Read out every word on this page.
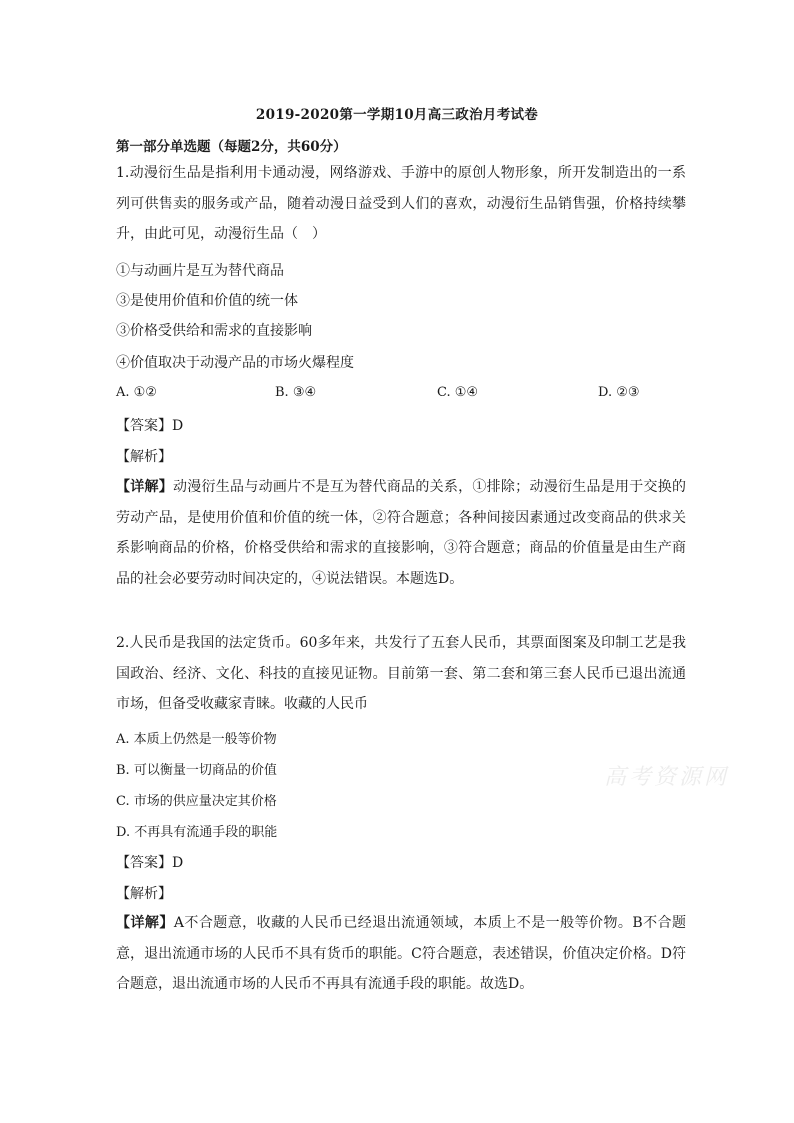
2019-2020第一学期10月高三政治月考试卷
第一部分单选题（每题2分，共60分）
1.动漫衍生品是指利用卡通动漫，网络游戏、手游中的原创人物形象，所开发制造出的一系列可供售卖的服务或产品，随着动漫日益受到人们的喜欢，动漫衍生品销售强，价格持续攀升，由此可见，动漫衍生品（　）
①与动画片是互为替代商品
③是使用价值和价值的统一体
③价格受供给和需求的直接影响
④价值取决于动漫产品的市场火爆程度
A. ①②	B. ③④	C. ①④	D. ②③
【答案】D
【解析】
【详解】动漫衍生品与动画片不是互为替代商品的关系，①排除；动漫衍生品是用于交换的劳动产品，是使用价值和价值的统一体，②符合题意；各种间接因素通过改变商品的供求关系影响商品的价格，价格受供给和需求的直接影响，③符合题意；商品的价值量是由生产商品的社会必要劳动时间决定的，④说法错误。本题选D。
2.人民币是我国的法定货币。60多年来，共发行了五套人民币，其票面图案及印制工艺是我国政治、经济、文化、科技的直接见证物。目前第一套、第二套和第三套人民币已退出流通市场，但备受收藏家青睐。收藏的人民币
A. 本质上仍然是一般等价物
B. 可以衡量一切商品的价值
C. 市场的供应量决定其价格
D. 不再具有流通手段的职能
【答案】D
【解析】
【详解】A不合题意，收藏的人民币已经退出流通领域，本质上不是一般等价物。B不合题意，退出流通市场的人民币不具有货币的职能。C符合题意，表述错误，价值决定价格。D符合题意，退出流通市场的人民币不再具有流通手段的职能。故选D。
高考资源网
